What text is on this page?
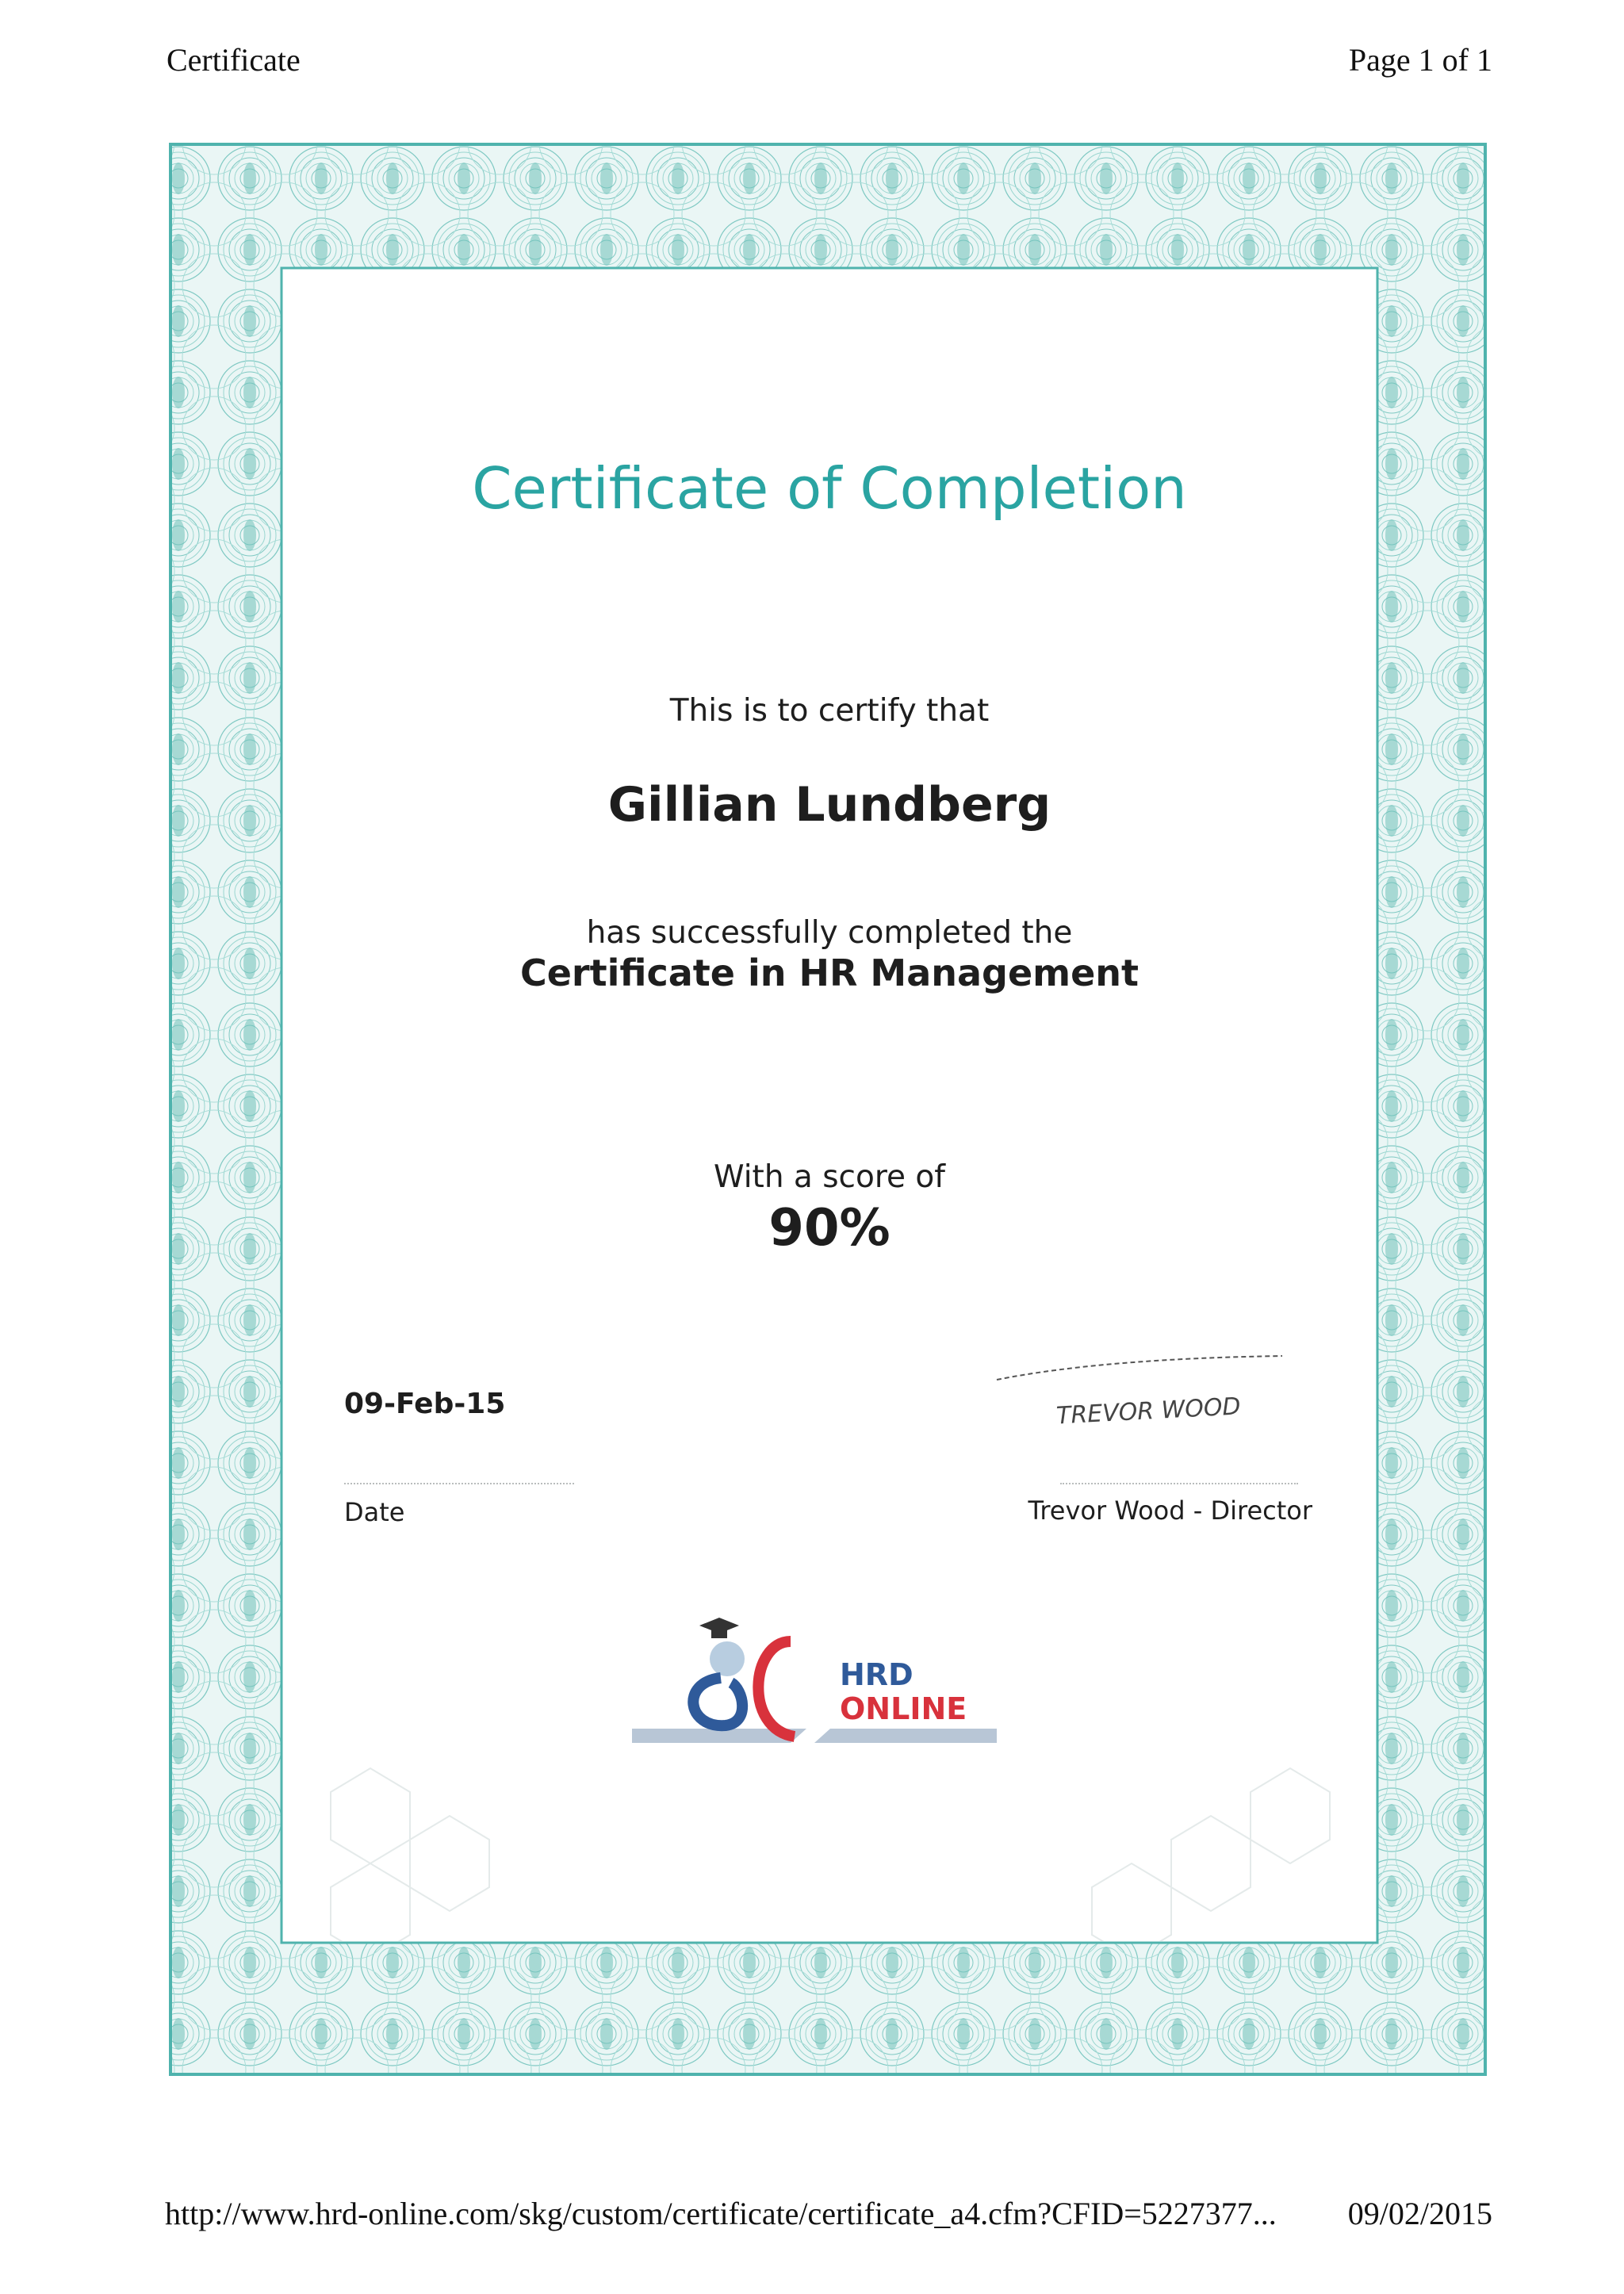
Certificate	Page 1 of 1
Certificate of Completion
This is to certify that
Gillian Lundberg
has successfully completed the
Certificate in HR Management
With a score of
90%
09-Feb-15
Date
TREVOR WOOD
Trevor Wood - Director
HRD
ONLINE
http://www.hrd-online.com/skg/custom/certificate/certificate_a4.cfm?CFID=5227377... 09/02/2015
